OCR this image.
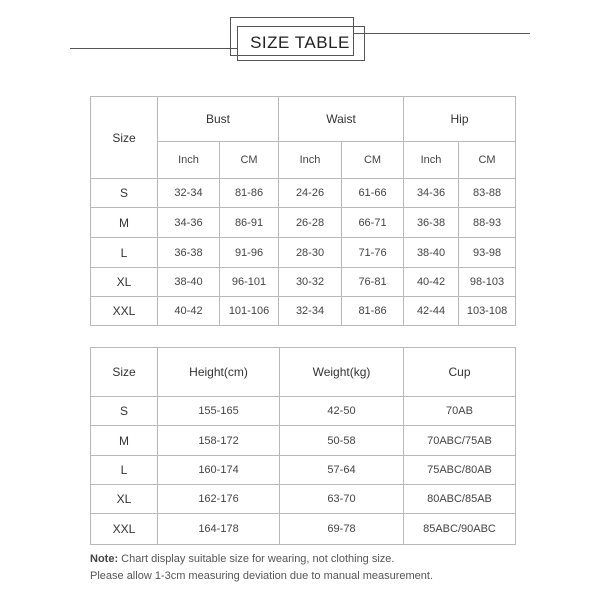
SIZE TABLE
Size	Bust		Waist		Hip	
	Inch	CM	Inch	CM	Inch	CM
S	32-34	81-86	24-26	61-66	34-36	83-88
M	34-36	86-91	26-28	66-71	36-38	88-93
L	36-38	91-96	28-30	71-76	38-40	93-98
XL	38-40	96-101	30-32	76-81	40-42	98-103
XXL	40-42	101-106	32-34	81-86	42-44	103-108
Size	Height(cm)	Weight(kg)	Cup
S	155-165	42-50	70AB
M	158-172	50-58	70ABC/75AB
L	160-174	57-64	75ABC/80AB
XL	162-176	63-70	80ABC/85AB
XXL	164-178	69-78	85ABC/90ABC
Note: Chart display suitable size for wearing, not clothing size.
Please allow 1-3cm measuring deviation due to manual measurement.
